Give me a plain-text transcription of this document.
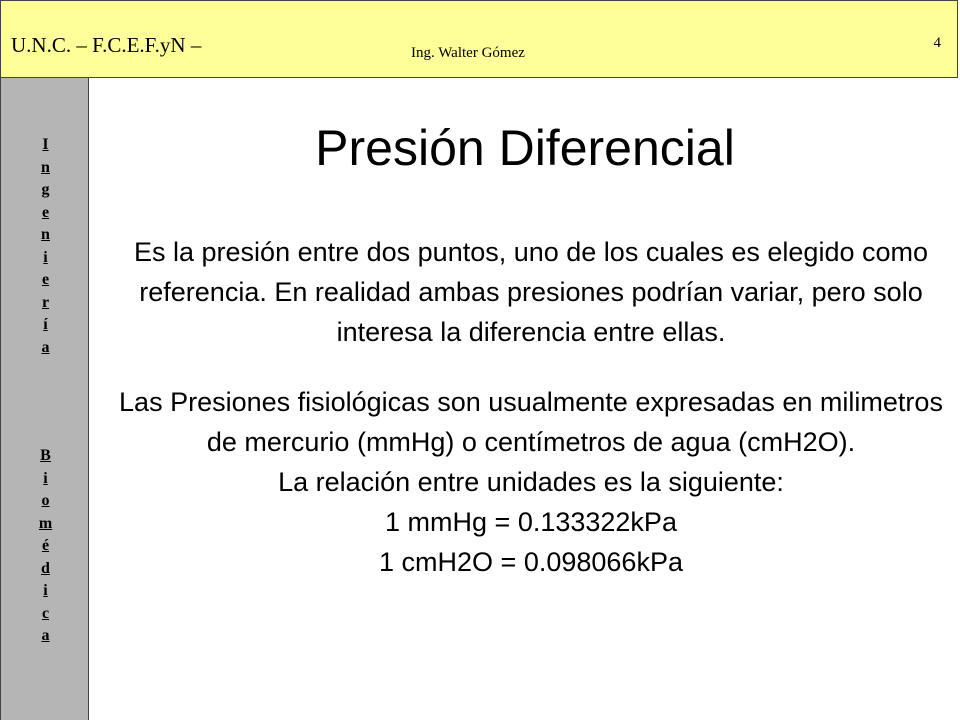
U.N.C. – F.C.E.F.yN –	Ing. Walter Gómez
4
I
n
g
e
n
i
e
r
í
a
B
i
o
m
é
d
i
c
a
Presión Diferencial

Es la presión entre dos puntos, uno de los cuales es elegido como referencia. En realidad ambas presiones podrían variar, pero solo interesa la diferencia entre ellas.

Las Presiones fisiológicas son usualmente expresadas en milimetros de mercurio (mmHg) o centímetros de agua (cmH2O).

La relación entre unidades es la siguiente:

1 mmHg = 0.133322kPa

1 cmH2O = 0.098066kPa
